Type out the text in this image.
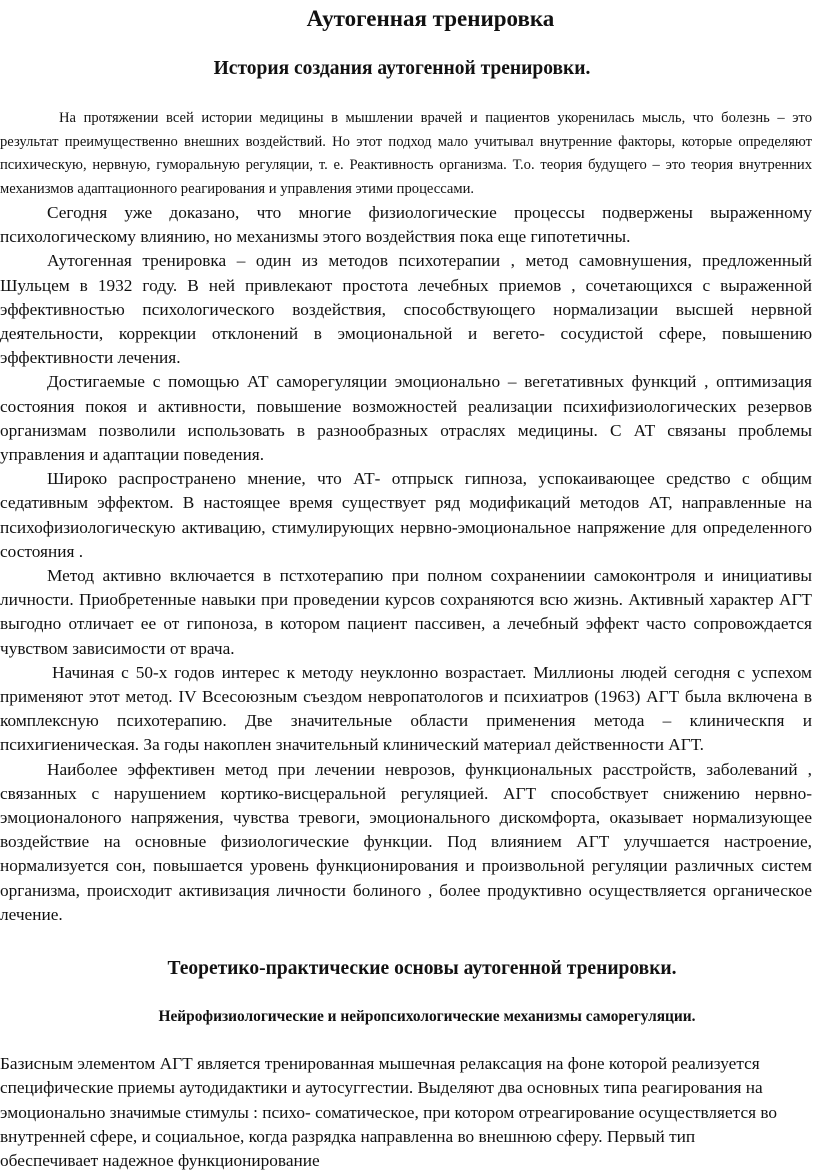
Аутогенная тренировка
История создания аутогенной тренировки.

На протяжении всей истории медицины в мышлении врачей и пациентов укоренилась мысль, что болезнь – это результат преимущественно внешних воздействий. Но этот подход мало учитывал внутренние факторы, которые определяют психическую, нервную, гуморальную регуляции, т. е. Реактивность организма. Т.о. теория будущего – это теория внутренних механизмов адаптационного реагирования и управления этими процессами.

Сегодня уже доказано, что многие физиологические процессы подвержены выраженному психологическому влиянию, но механизмы этого воздействия пока еще гипотетичны.

Аутогенная тренировка – один из методов психотерапии , метод самовнушения, предложенный Шульцем в 1932 году. В ней привлекают простота лечебных приемов , сочетающихся с выраженной эффективностью психологического воздействия, способствующего нормализации высшей нервной деятельности, коррекции отклонений в эмоциональной и вегето- сосудистой сфере, повышению эффективности лечения.

Достигаемые с помощью АТ саморегуляции эмоционально – вегетативных функций , оптимизация состояния покоя и активности, повышение возможностей реализации психифизиологических резервов организмам позволили использовать в разнообразных отраслях медицины. С АТ связаны проблемы управления и адаптации поведения.

Широко распространено мнение, что АТ- отпрыск гипноза, успокаивающее средство с общим седативным эффектом. В настоящее время существует ряд модификаций методов АТ, направленные на психофизиологическую активацию, стимулирующих нервно-эмоциональное напряжение для определенного состояния .

Метод активно включается в пстхотерапию при полном сохранениии самоконтроля и инициативы личности. Приобретенные навыки при проведении курсов сохраняются всю жизнь. Активный характер АГТ выгодно отличает ее от гипоноза, в котором пациент пассивен, а лечебный эффект часто сопровождается чувством зависимости от врача.

Начиная с 50-х годов интерес к методу неуклонно возрастает. Миллионы людей сегодня с успехом применяют этот метод. IV Всесоюзным съездом невропатологов и психиатров (1963) АГТ была включена в комплексную психотерапию. Две значительные области применения метода – клиническпя и психигиеническая. За годы накоплен значительный клинический материал действенности АГТ.

Наиболее эффективен метод при лечении неврозов, функциональных расстройств, заболеваний , связанных с нарушением кортико-висцеральной регуляцией. АГТ способствует снижению нервно-эмоционалоного напряжения, чувства тревоги, эмоционального дискомфорта, оказывает нормализующее воздействие на основные физиологические функции. Под влиянием АГТ улучшается настроение, нормализуется сон, повышается уровень функционирования и произвольной регуляции различных систем организма, происходит активизация личности болиного , более продуктивно осуществляется органическое лечение.

Теоретико-практические основы аутогенной тренировки.
Нейрофизиологические и нейропсихологические механизмы саморегуляции.

Базисным элементом АГТ является тренированная мышечная релаксация на фоне которой реализуется специфические приемы аутодидактики и аутосуггестии. Выделяют два основных типа реагирования на эмоционально значимые стимулы : психо- соматическое, при котором отреагирование осуществляется во внутренней сфере, и социальное, когда разрядка направленна во внешнюю сферу. Первый тип обеспечивает надежное функционирование
